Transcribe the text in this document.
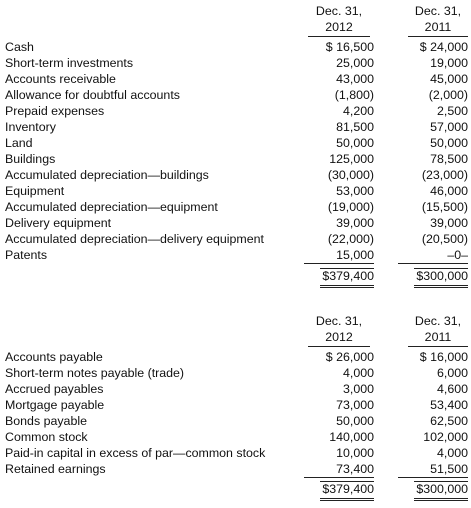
Dec. 31,

2012
Dec. 31,

2011
Cash	$ 16,500	$ 24,000
Short-term investments	25,000	19,000
Accounts receivable	43,000	45,000
Allowance for doubtful accounts	(1,800)	(2,000)
Prepaid expenses	4,200	2,500
Inventory	81,500	57,000
Land	50,000	50,000
Buildings	125,000	78,500
Accumulated depreciation—buildings	(30,000)	(23,000)
Equipment	53,000	46,000
Accumulated depreciation—equipment	(19,000)	(15,500)
Delivery equipment	39,000	39,000
Accumulated depreciation—delivery equipment	(22,000)	(20,500)
Patents	15,000	–0–
$379,400	$300,000
Dec. 31,

2012
Dec. 31,

2011
Accounts payable	$ 26,000	$ 16,000
Short-term notes payable (trade)	4,000	6,000
Accrued payables	3,000	4,600
Mortgage payable	73,000	53,400
Bonds payable	50,000	62,500
Common stock	140,000	102,000
Paid-in capital in excess of par—common stock	10,000	4,000
Retained earnings	73,400	51,500
$379,400	$300,000
